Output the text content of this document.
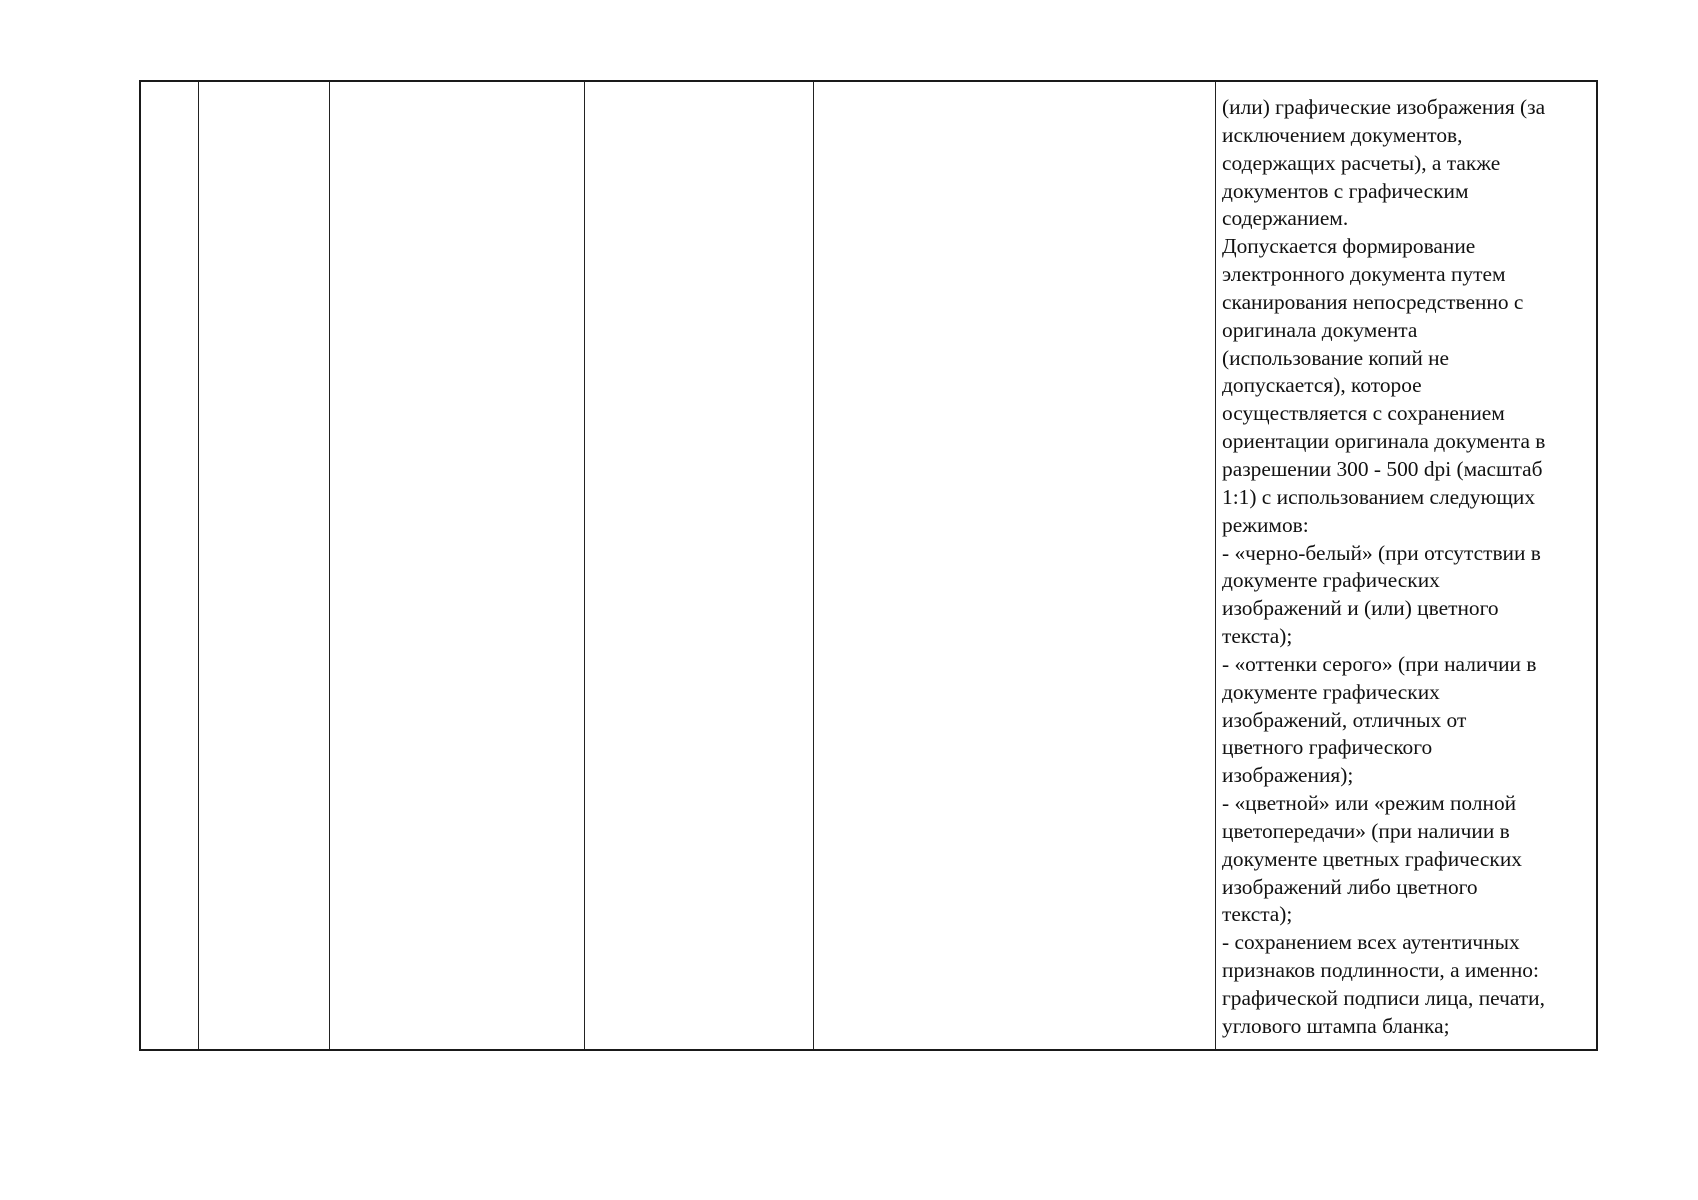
(или) графические изображения (за
исключением документов,
содержащих расчеты), а также
документов с графическим
содержанием.
Допускается формирование
электронного документа путем
сканирования непосредственно с
оригинала документа
(использование копий не
допускается), которое
осуществляется с сохранением
ориентации оригинала документа в
разрешении 300 - 500 dpi (масштаб
1:1) с использованием следующих
режимов:
- «черно-белый» (при отсутствии в
документе графических
изображений и (или) цветного
текста);
- «оттенки серого» (при наличии в
документе графических
изображений, отличных от
цветного графического
изображения);
- «цветной» или «режим полной
цветопередачи» (при наличии в
документе цветных графических
изображений либо цветного
текста);
- сохранением всех аутентичных
признаков подлинности, а именно:
графической подписи лица, печати,
углового штампа бланка;
